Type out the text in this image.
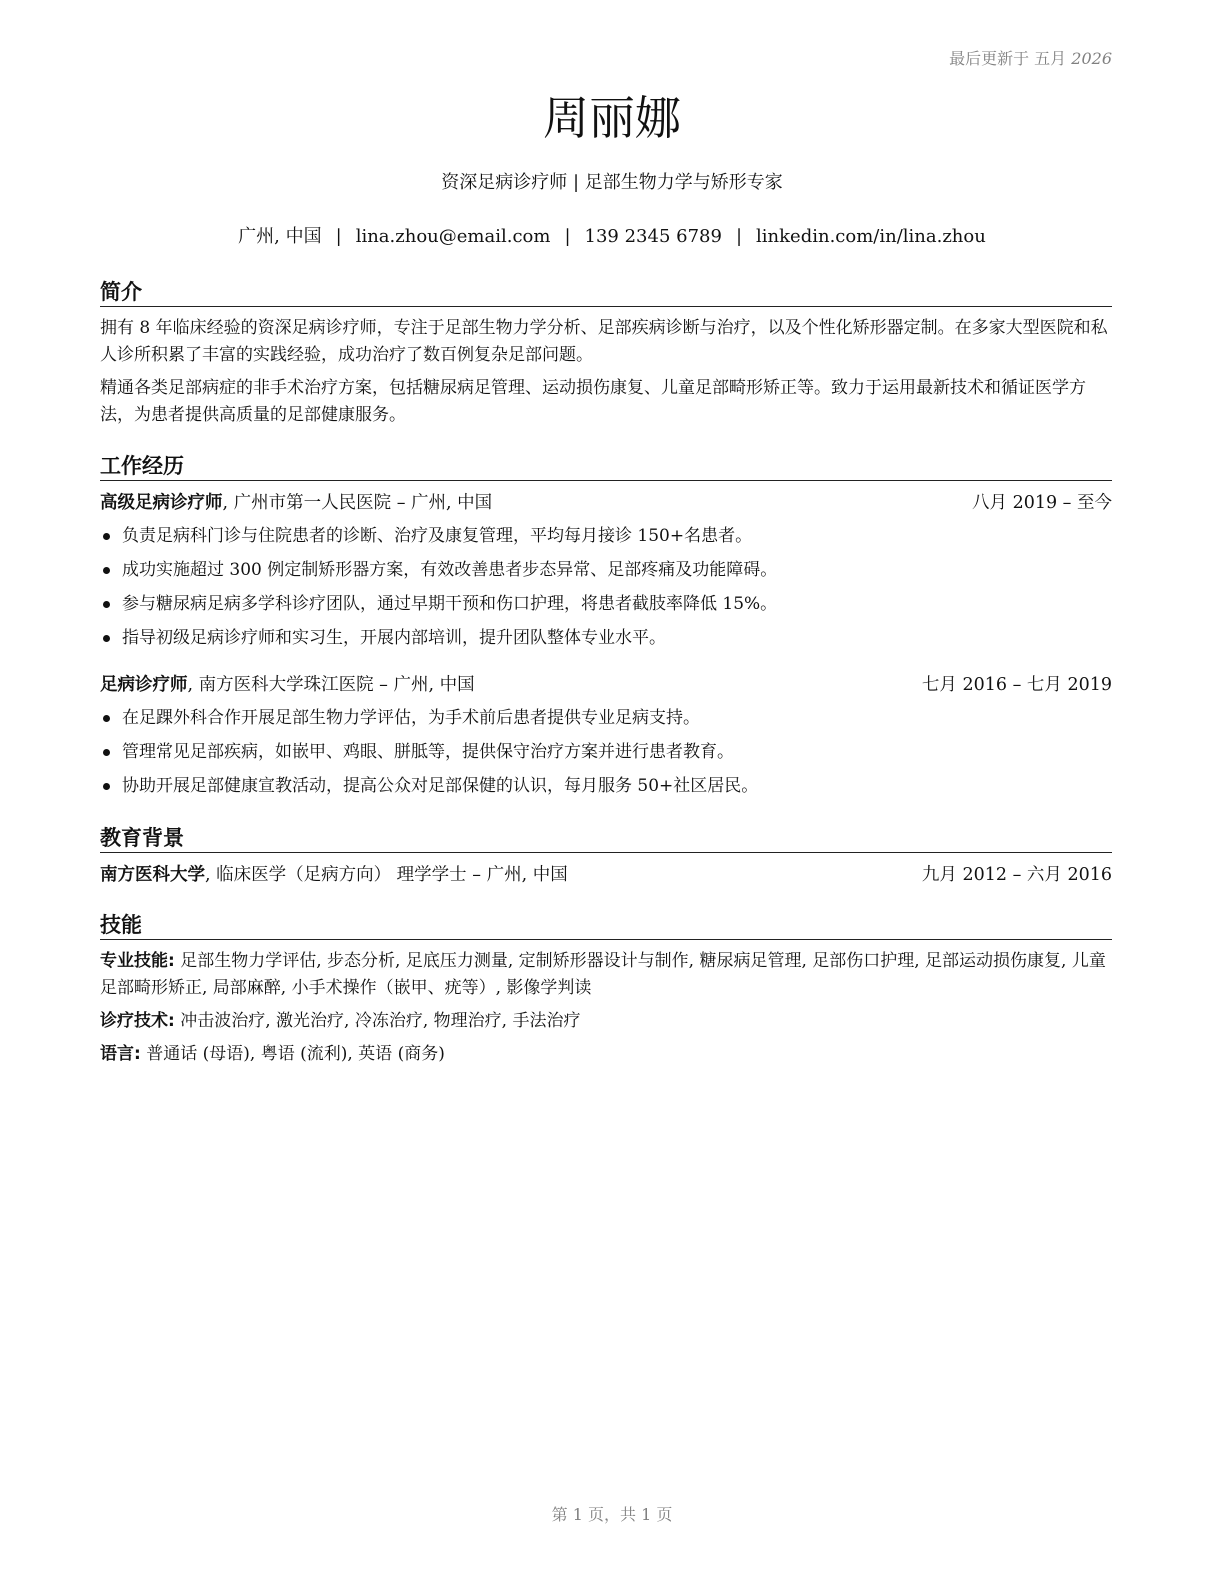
最后更新于 五月 2026
周丽娜
资深足病诊疗师 | 足部生物力学与矫形专家
广州, 中国 | lina.zhou@email.com | 139 2345 6789 | linkedin.com/in/lina.zhou
简介

拥有 8 年临床经验的资深足病诊疗师，专注于足部生物力学分析、足部疾病诊断与治疗，以及个性化矫形器定制。在多家大型医院和私人诊所积累了丰富的实践经验，成功治疗了数百例复杂足部问题。

精通各类足部病症的非手术治疗方案，包括糖尿病足管理、运动损伤康复、儿童足部畸形矫正等。致力于运用最新技术和循证医学方法，为患者提供高质量的足部健康服务。

工作经历
高级足病诊疗师, 广州市第一人民医院 – 广州, 中国	八月 2019 – 至今
负责足病科门诊与住院患者的诊断、治疗及康复管理，平均每月接诊 150+名患者。
成功实施超过 300 例定制矫形器方案，有效改善患者步态异常、足部疼痛及功能障碍。
参与糖尿病足病多学科诊疗团队，通过早期干预和伤口护理，将患者截肢率降低 15%。
指导初级足病诊疗师和实习生，开展内部培训，提升团队整体专业水平。
足病诊疗师, 南方医科大学珠江医院 – 广州, 中国	七月 2016 – 七月 2019
在足踝外科合作开展足部生物力学评估，为手术前后患者提供专业足病支持。
管理常见足部疾病，如嵌甲、鸡眼、胼胝等，提供保守治疗方案并进行患者教育。
协助开展足部健康宣教活动，提高公众对足部保健的认识，每月服务 50+社区居民。
教育背景
南方医科大学, 临床医学（足病方向） 理学学士 – 广州, 中国	九月 2012 – 六月 2016
技能
专业技能: 足部生物力学评估, 步态分析, 足底压力测量, 定制矫形器设计与制作, 糖尿病足管理, 足部伤口护理, 足部运动损伤康复, 儿童足部畸形矫正, 局部麻醉, 小手术操作（嵌甲、疣等）, 影像学判读
诊疗技术: 冲击波治疗, 激光治疗, 冷冻治疗, 物理治疗, 手法治疗
语言: 普通话 (母语), 粤语 (流利), 英语 (商务)
第 1 页，共 1 页
